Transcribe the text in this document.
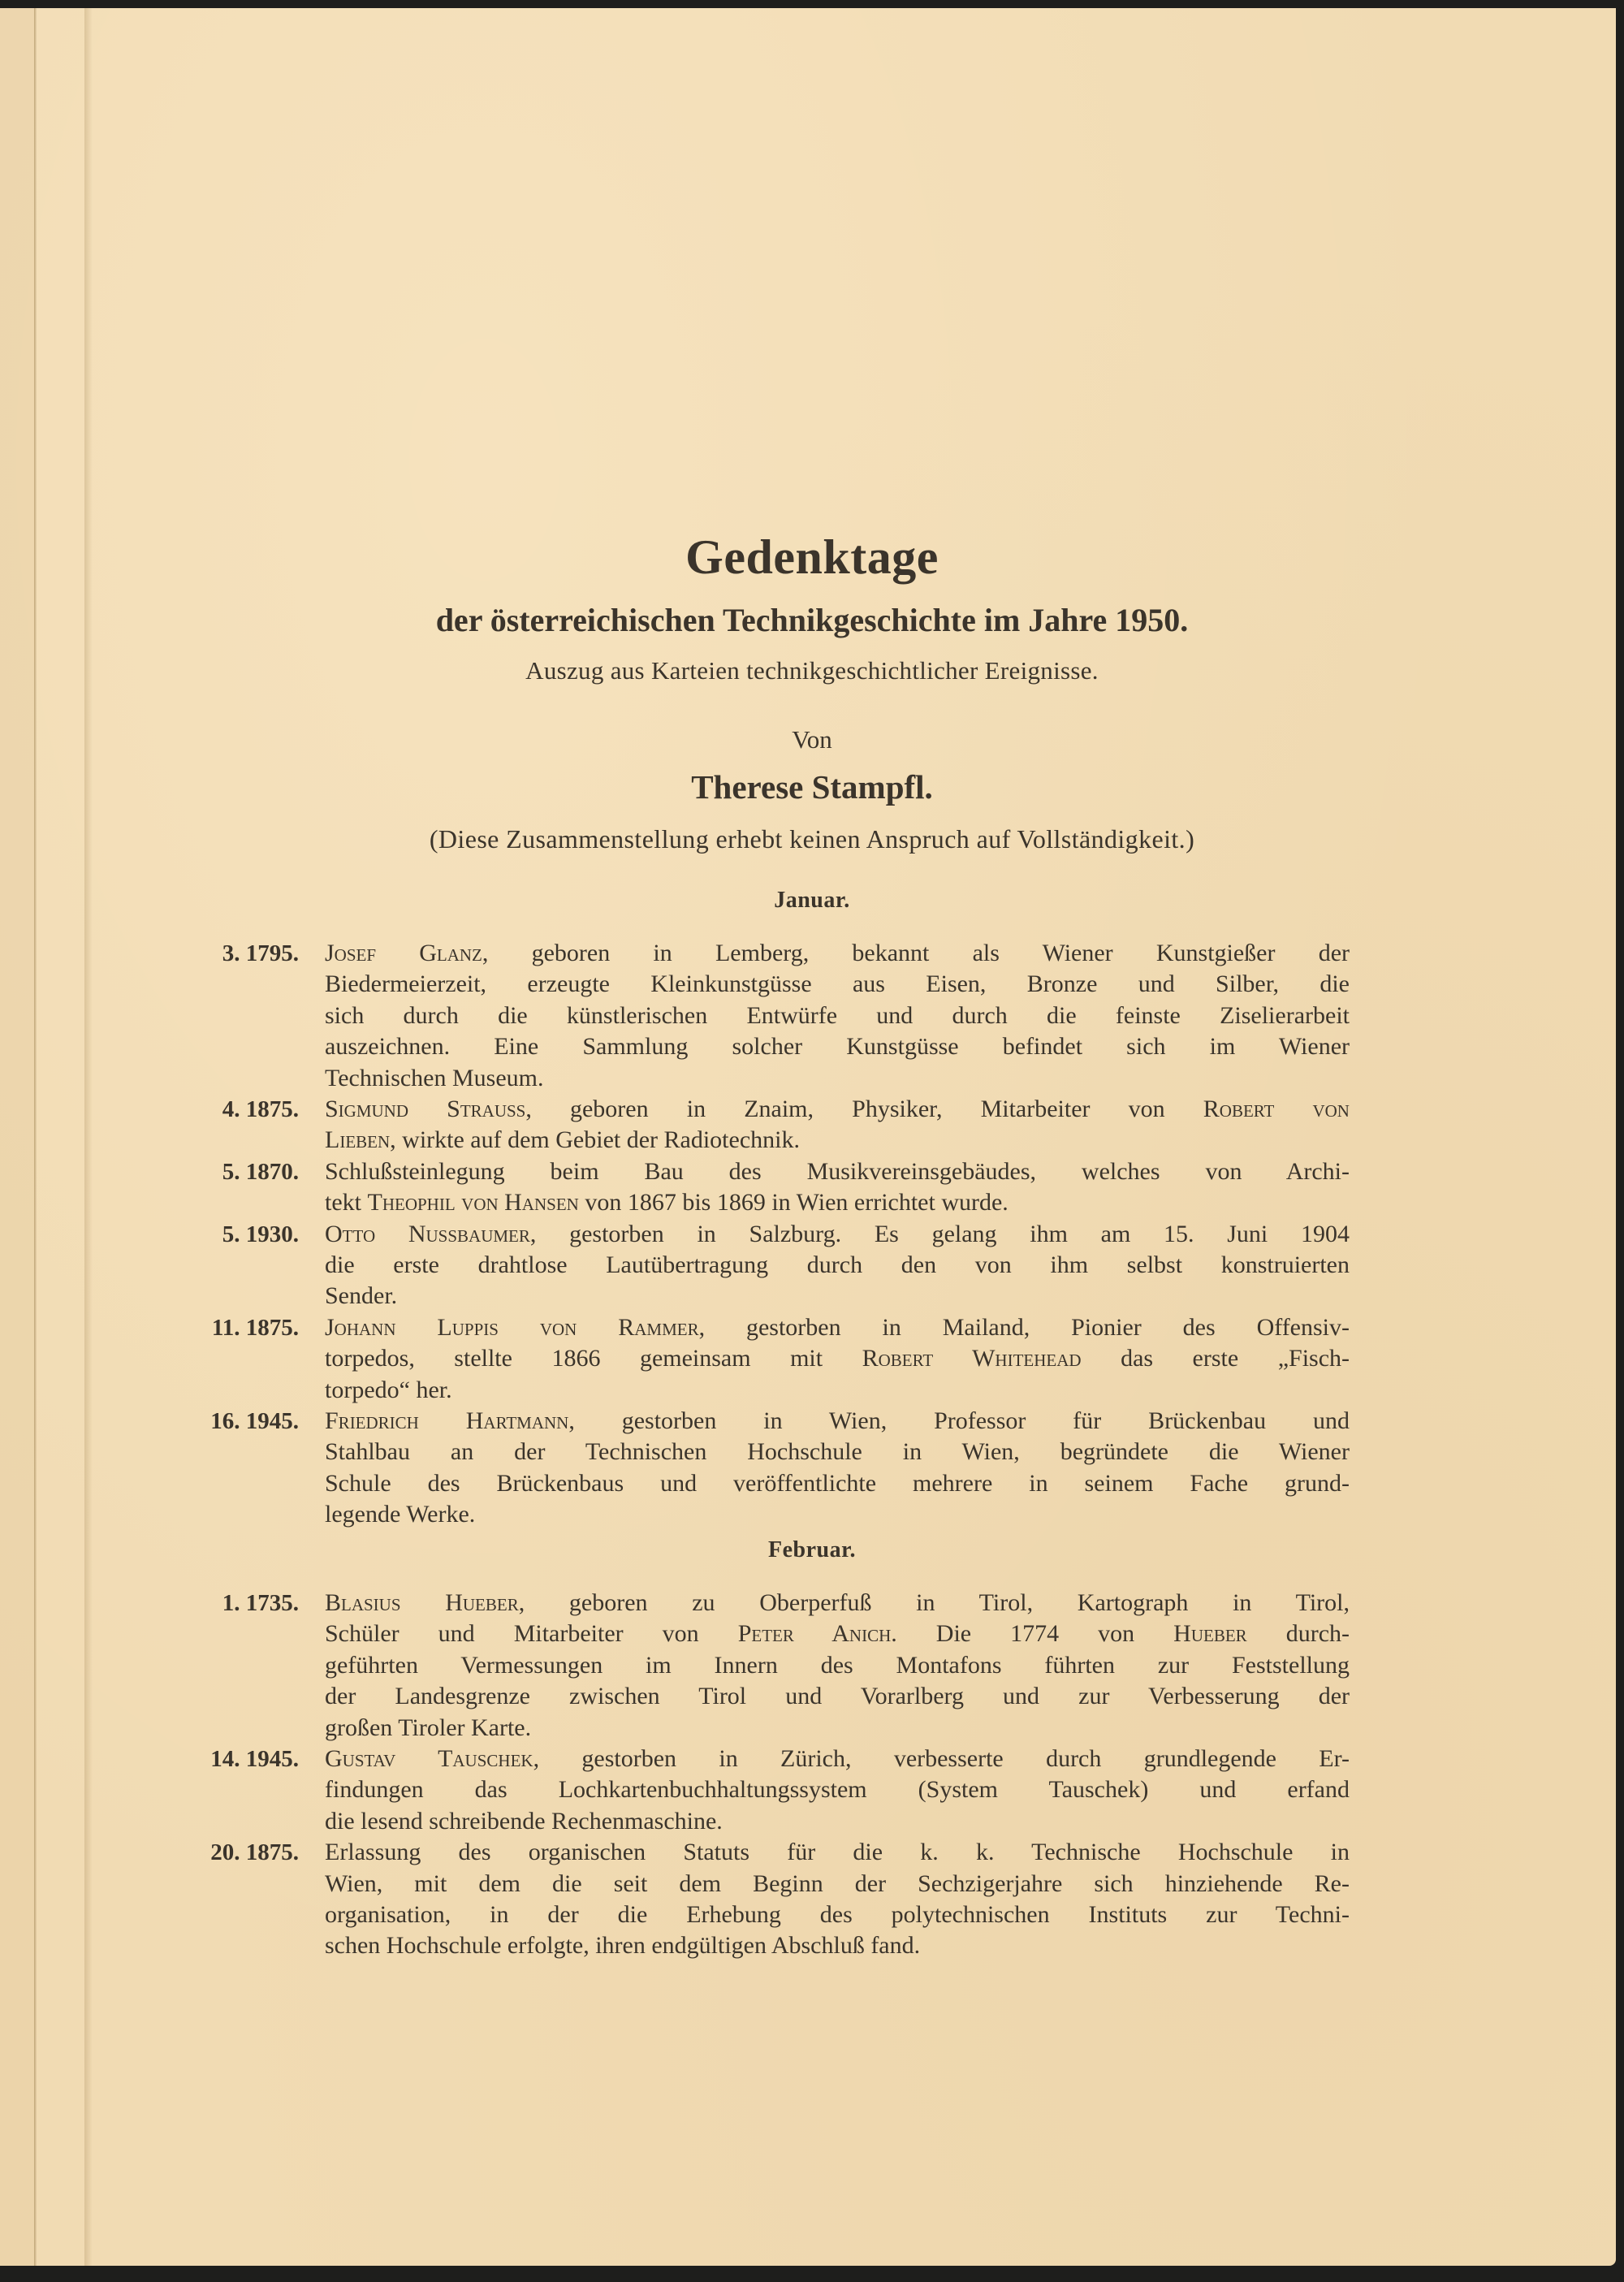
Gedenktage
der österreichischen Technikgeschichte im Jahre 1950.
Auszug aus Karteien technikgeschichtlicher Ereignisse.
Von
Therese Stampfl.
(Diese Zusammenstellung erhebt keinen Anspruch auf Vollständigkeit.)
Januar.
3. 1795. Josef Glanz, geboren in Lemberg, bekannt als Wiener Kunstgießer der
Biedermeierzeit, erzeugte Kleinkunstgüsse aus Eisen, Bronze und Silber, die
sich durch die künstlerischen Entwürfe und durch die feinste Ziselierarbeit
auszeichnen. Eine Sammlung solcher Kunstgüsse befindet sich im Wiener
Technischen Museum.
4. 1875. Sigmund Strauss, geboren in Znaim, Physiker, Mitarbeiter von Robert von
Lieben, wirkte auf dem Gebiet der Radiotechnik.
5. 1870. Schlußsteinlegung beim Bau des Musikvereinsgebäudes, welches von Archi-
tekt Theophil von Hansen von 1867 bis 1869 in Wien errichtet wurde.
5. 1930. Otto Nussbaumer, gestorben in Salzburg. Es gelang ihm am 15. Juni 1904
die erste drahtlose Lautübertragung durch den von ihm selbst konstruierten
Sender.
11. 1875. Johann Luppis von Rammer, gestorben in Mailand, Pionier des Offensiv-
torpedos, stellte 1866 gemeinsam mit Robert Whitehead das erste „Fisch-
torpedo“ her.
16. 1945. Friedrich Hartmann, gestorben in Wien, Professor für Brückenbau und
Stahlbau an der Technischen Hochschule in Wien, begründete die Wiener
Schule des Brückenbaus und veröffentlichte mehrere in seinem Fache grund-
legende Werke.
Februar.
1. 1735. Blasius Hueber, geboren zu Oberperfuß in Tirol, Kartograph in Tirol,
Schüler und Mitarbeiter von Peter Anich. Die 1774 von Hueber durch-
geführten Vermessungen im Innern des Montafons führten zur Feststellung
der Landesgrenze zwischen Tirol und Vorarlberg und zur Verbesserung der
großen Tiroler Karte.
14. 1945. Gustav Tauschek, gestorben in Zürich, verbesserte durch grundlegende Er-
findungen das Lochkartenbuchhaltungssystem (System Tauschek) und erfand
die lesend schreibende Rechenmaschine.
20. 1875. Erlassung des organischen Statuts für die k. k. Technische Hochschule in
Wien, mit dem die seit dem Beginn der Sechzigerjahre sich hinziehende Re-
organisation, in der die Erhebung des polytechnischen Instituts zur Techni-
schen Hochschule erfolgte, ihren endgültigen Abschluß fand.
